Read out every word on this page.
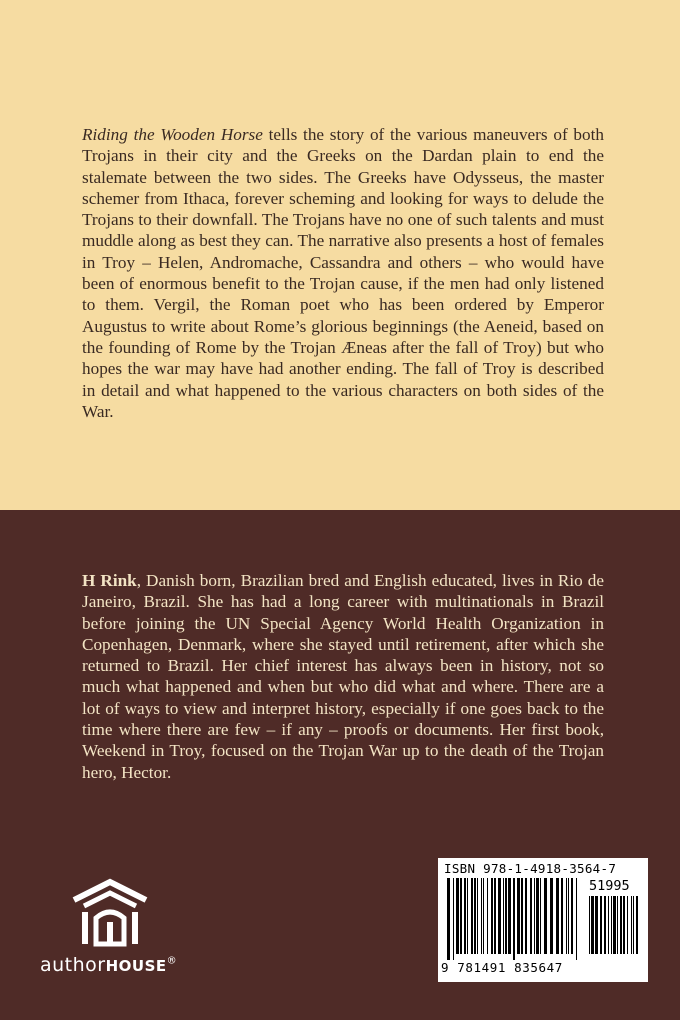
Riding the Wooden Horse tells the story of the various maneuvers of both Trojans in their city and the Greeks on the Dardan plain to end the stalemate between the two sides. The Greeks have Odysseus, the master schemer from Ithaca, forever scheming and looking for ways to delude the Trojans to their downfall. The Trojans have no one of such talents and must muddle along as best they can. The narrative also presents a host of females in Troy – Helen, Andromache, Cassandra and others – who would have been of enormous benefit to the Trojan cause, if the men had only listened to them. Vergil, the Roman poet who has been ordered by Emperor Augustus to write about Rome’s glorious beginnings (the Aeneid, based on the founding of Rome by the Trojan Æneas after the fall of Troy) but who hopes the war may have had another ending. The fall of Troy is described in detail and what happened to the various characters on both sides of the War.

H Rink, Danish born, Brazilian bred and English educated, lives in Rio de Janeiro, Brazil. She has had a long career with multinationals in Brazil before joining the UN Special Agency World Health Organization in Copenhagen, Denmark, where she stayed until retirement, after which she returned to Brazil. Her chief interest has always been in history, not so much what happened and when but who did what and where. There are a lot of ways to view and interpret history, especially if one goes back to the time where there are few – if any – proofs or documents. Her first book, Weekend in Troy, focused on the Trojan War up to the death of the Trojan hero, Hector.

authorHOUSE®
ISBN 978-1-4918-3564-7
51995
9 781491 835647
